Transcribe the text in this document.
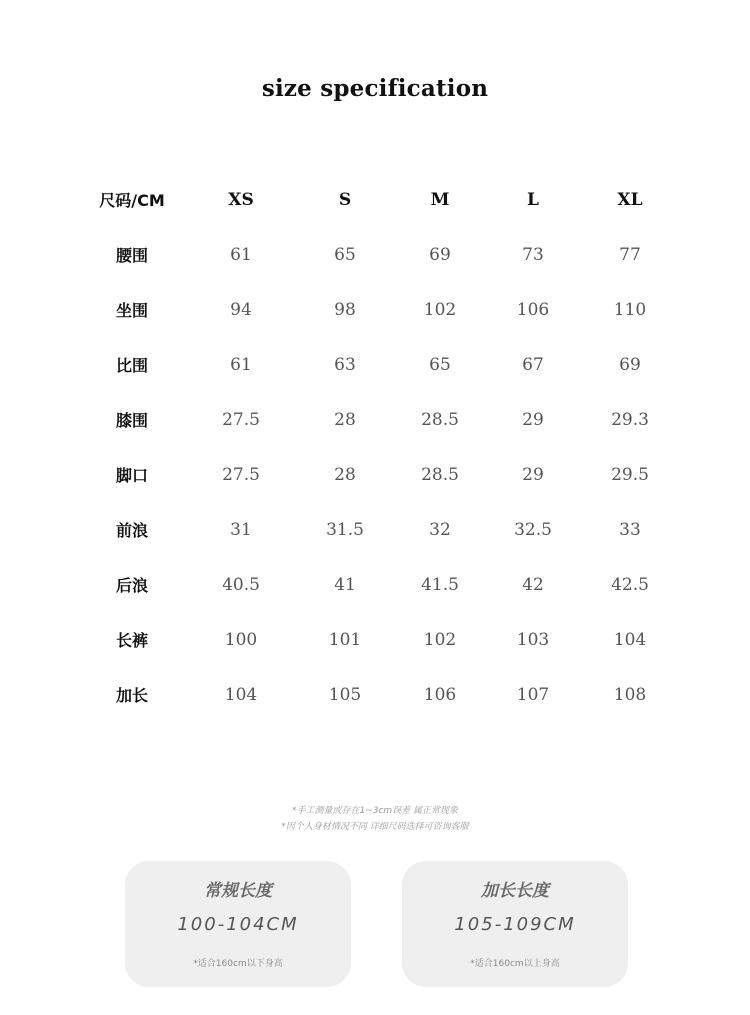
size specification
尺码/CM	XS	S	M	L	XL
腰围	61	65	69	73	77
坐围	94	98	102	106	110
比围	61	63	65	67	69
膝围	27.5	28	28.5	29	29.3
脚口	27.5	28	28.5	29	29.5
前浪	31	31.5	32	32.5	33
后浪	40.5	41	41.5	42	42.5
长裤	100	101	102	103	104
加长	104	105	106	107	108
*手工测量或存在1~3cm误差 属正常现象
*因个人身材情况不同 详细尺码选择可咨询客服
常规长度
100-104CM
*适合160cm以下身高
加长长度
105-109CM
*适合160cm以上身高
